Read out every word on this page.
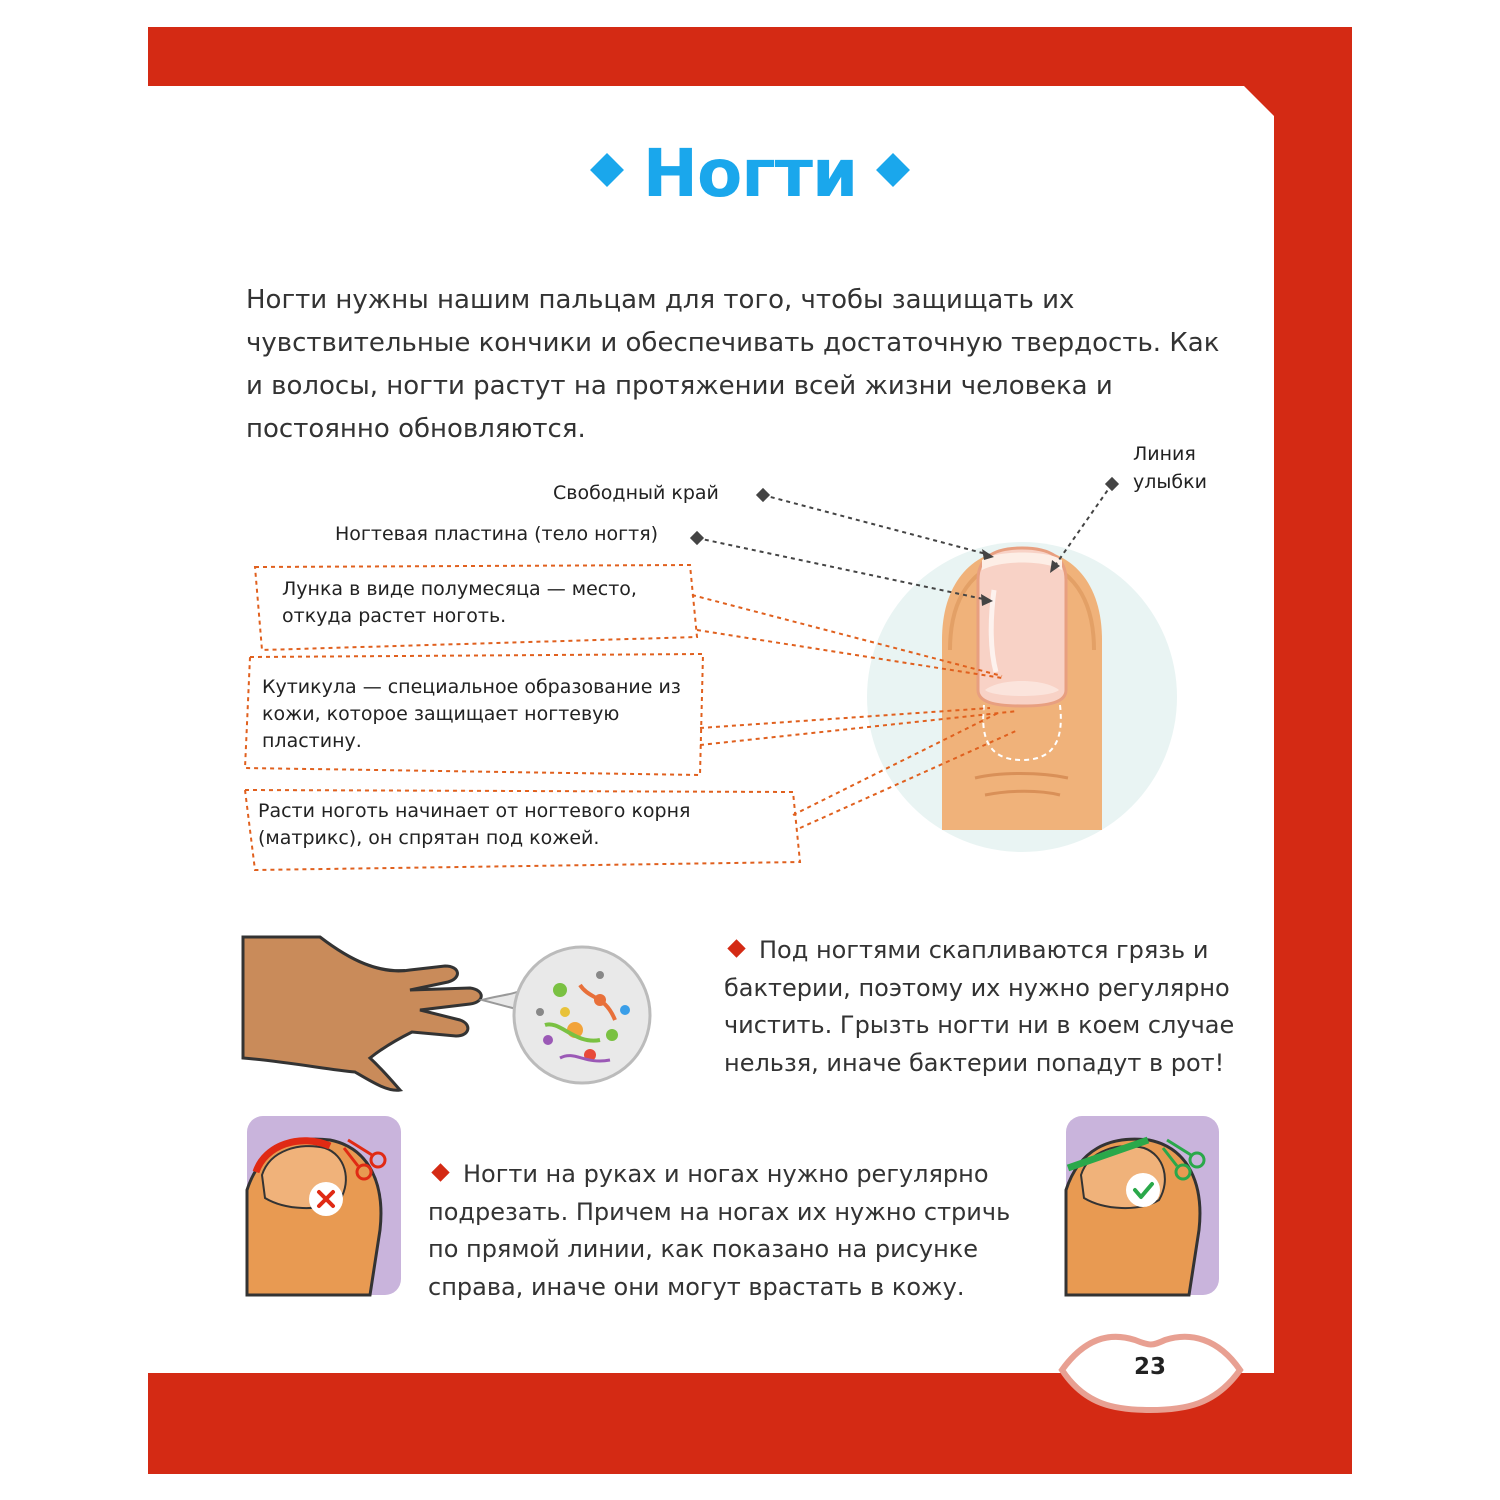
Ногти
Ногти нужны нашим пальцам для того, чтобы защищать их чувствительные кончики и обеспечивать достаточную твердость. Как и волосы, ногти растут на протяжении всей жизни человека и постоянно обновляются.
Свободный край
Ногтевая пластина (тело ногтя)
Линия
улыбки
Лунка в виде полумесяца — место, откуда растет ноготь.
Кутикула — специальное образование из кожи, которое защищает ногтевую пластину.
Расти ноготь начинает от ногтевого корня (матрикс), он спрятан под кожей.
Под ногтями скапливаются грязь и бактерии, поэтому их нужно регулярно чистить. Грызть ногти ни в коем случае нельзя, иначе бактерии попадут в рот!
Ногти на руках и ногах нужно регулярно подрезать. Причем на ногах их нужно стричь по прямой линии, как показано на рисунке справа, иначе они могут врастать в кожу.
23
